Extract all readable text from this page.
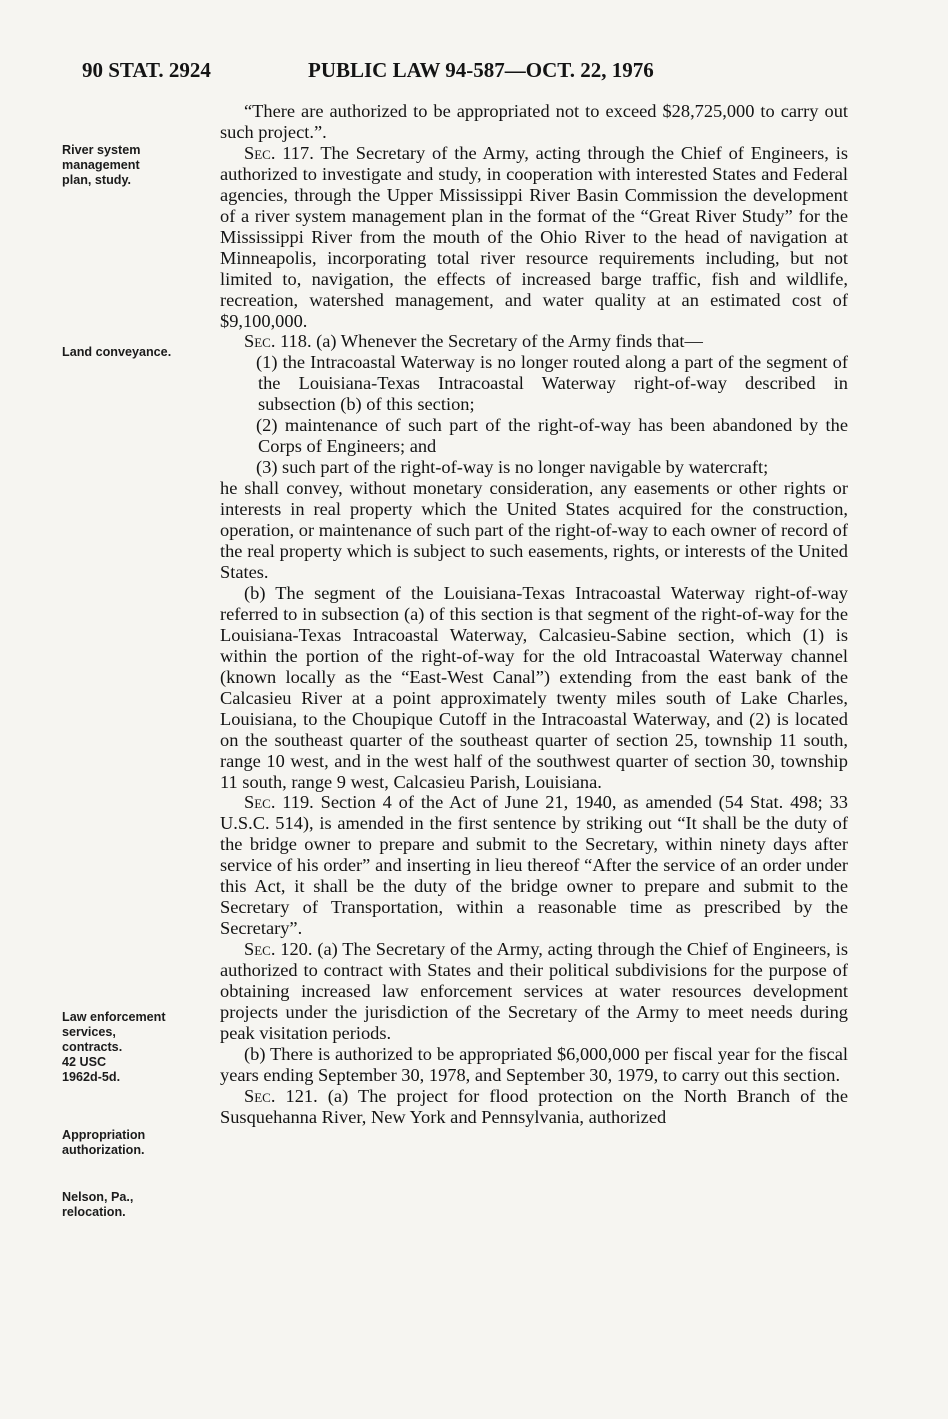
90 STAT. 2924	PUBLIC LAW 94-587—OCT. 22, 1976
River system
management
plan, study.
Land conveyance.
Law enforcement
services,
contracts.
42 USC
1962d-5d.
Appropriation
authorization.
Nelson, Pa.,
relocation.

“There are authorized to be appropriated not to exceed $28,725,000 to carry out such project.”.

Sec. 117. The Secretary of the Army, acting through the Chief of Engineers, is authorized to investigate and study, in cooperation with interested States and Federal agencies, through the Upper Mississippi River Basin Commission the development of a river system management plan in the format of the “Great River Study” for the Mississippi River from the mouth of the Ohio River to the head of navigation at Minneapolis, incorporating total river resource requirements including, but not limited to, navigation, the effects of increased barge traffic, fish and wildlife, recreation, watershed management, and water quality at an estimated cost of $9,100,000.

Sec. 118. (a) Whenever the Secretary of the Army finds that—

(1) the Intracoastal Waterway is no longer routed along a part of the segment of the Louisiana-Texas Intracoastal Waterway right-of-way described in subsection (b) of this section;

(2) maintenance of such part of the right-of-way has been abandoned by the Corps of Engineers; and

(3) such part of the right-of-way is no longer navigable by watercraft;

he shall convey, without monetary consideration, any easements or other rights or interests in real property which the United States acquired for the construction, operation, or maintenance of such part of the right-of-way to each owner of record of the real property which is subject to such easements, rights, or interests of the United States.

(b) The segment of the Louisiana-Texas Intracoastal Waterway right-of-way referred to in subsection (a) of this section is that segment of the right-of-way for the Louisiana-Texas Intracoastal Waterway, Calcasieu-Sabine section, which (1) is within the portion of the right-of-way for the old Intracoastal Waterway channel (known locally as the “East-West Canal”) extending from the east bank of the Calcasieu River at a point approximately twenty miles south of Lake Charles, Louisiana, to the Choupique Cutoff in the Intracoastal Waterway, and (2) is located on the southeast quarter of the southeast quarter of section 25, township 11 south, range 10 west, and in the west half of the southwest quarter of section 30, township 11 south, range 9 west, Calcasieu Parish, Louisiana.

Sec. 119. Section 4 of the Act of June 21, 1940, as amended (54 Stat. 498; 33 U.S.C. 514), is amended in the first sentence by striking out “It shall be the duty of the bridge owner to prepare and submit to the Secretary, within ninety days after service of his order” and inserting in lieu thereof “After the service of an order under this Act, it shall be the duty of the bridge owner to prepare and submit to the Secretary of Transportation, within a reasonable time as prescribed by the Secretary”.

Sec. 120. (a) The Secretary of the Army, acting through the Chief of Engineers, is authorized to contract with States and their political subdivisions for the purpose of obtaining increased law enforcement services at water resources development projects under the jurisdiction of the Secretary of the Army to meet needs during peak visitation periods.

(b) There is authorized to be appropriated $6,000,000 per fiscal year for the fiscal years ending September 30, 1978, and September 30, 1979, to carry out this section.

Sec. 121. (a) The project for flood protection on the North Branch of the Susquehanna River, New York and Pennsylvania, authorized
